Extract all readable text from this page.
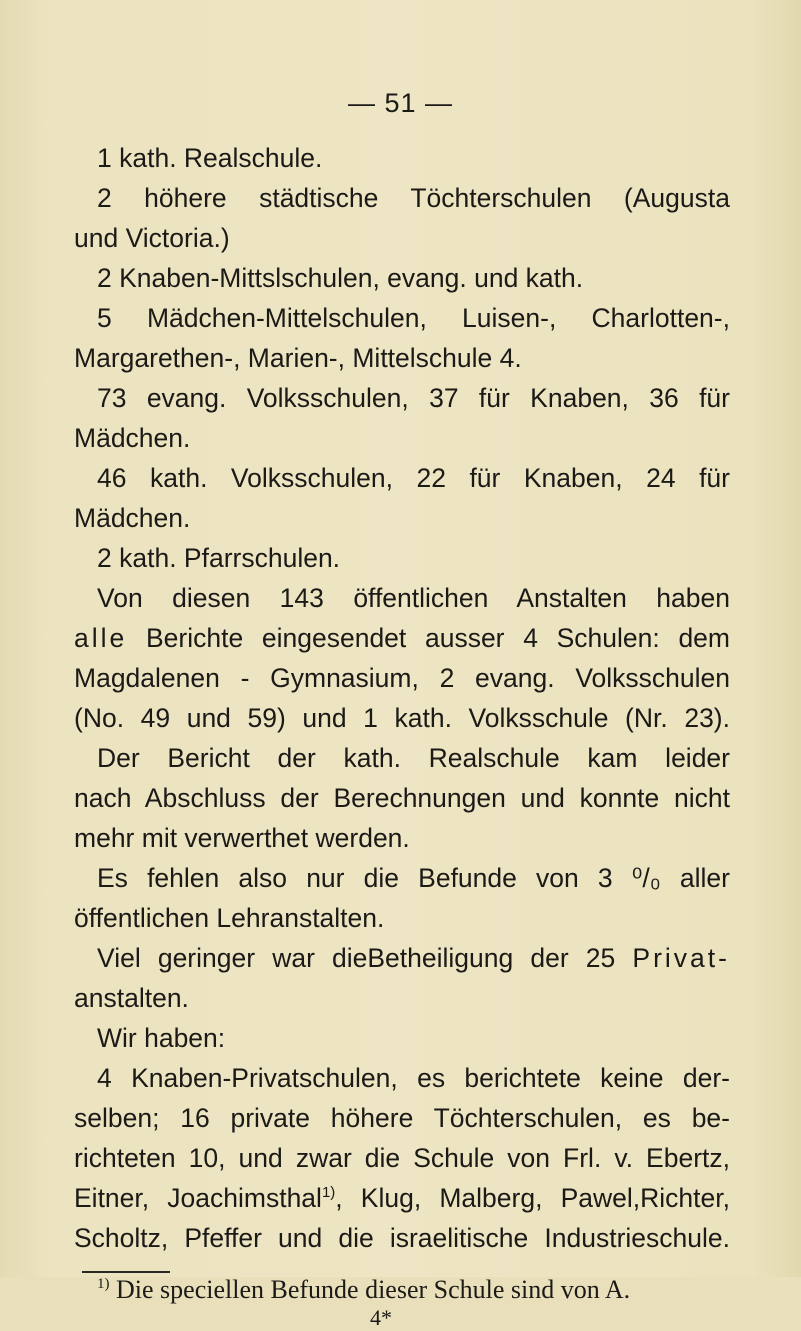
— 51 —
1 kath. Realschule.
2 höhere städtische Töchterschulen (Augusta
und Victoria.)
2 Knaben-Mittslschulen, evang. und kath.
5 Mädchen-Mittelschulen, Luisen-, Charlotten-,
Margarethen-, Marien-, Mittelschule 4.
73 evang. Volksschulen, 37 für Knaben, 36 für
Mädchen.
46 kath. Volksschulen, 22 für Knaben, 24 für
Mädchen.
2 kath. Pfarrschulen.
Von diesen 143 öffentlichen Anstalten haben
alle Berichte eingesendet ausser 4 Schulen: dem
Magdalenen - Gymnasium, 2 evang. Volksschulen
(No. 49 und 59) und 1 kath. Volksschule (Nr. 23).
Der Bericht der kath. Realschule kam leider
nach Abschluss der Berechnungen und konnte nicht
mehr mit verwerthet werden.
Es fehlen also nur die Befunde von 3 ⁰/₀ aller
öffentlichen Lehranstalten.
Viel geringer war dieBetheiligung der 25 Privat-
anstalten.
Wir haben:
4 Knaben-Privatschulen, es berichtete keine der-
selben; 16 private höhere Töchterschulen, es be-
richteten 10, und zwar die Schule von Frl. v. Ebertz,
Eitner, Joachimsthal$^{1)}$, Klug, Malberg, Pawel,Richter,
Scholtz, Pfeffer und die israelitische Industrieschule.
$^{1)}$ Die speciellen Befunde dieser Schule sind von A.
4*
